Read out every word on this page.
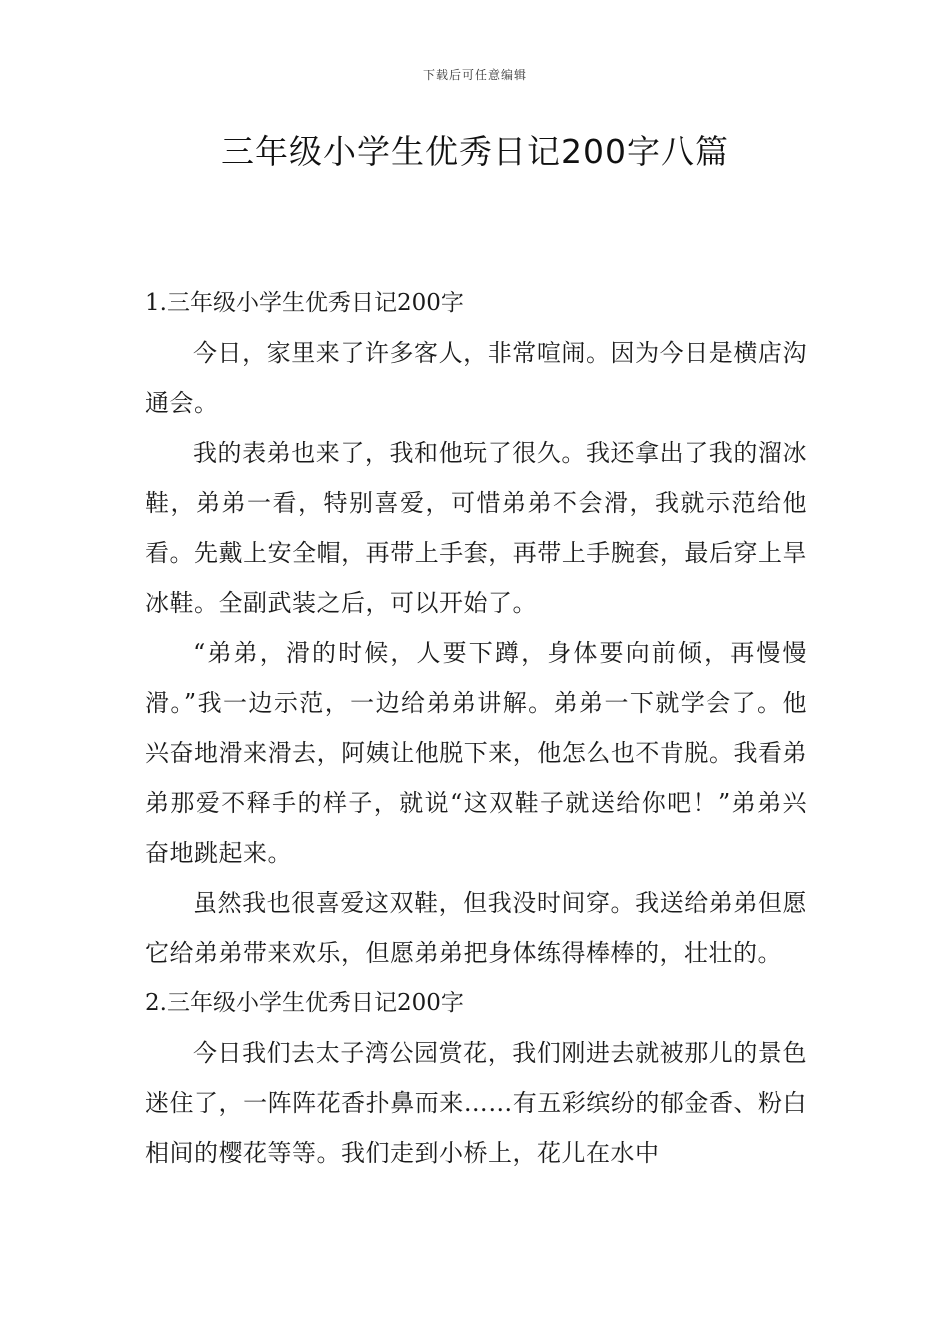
下载后可任意编辑
三年级小学生优秀日记200字八篇

1.三年级小学生优秀日记200字

今日，家里来了许多客人，非常喧闹。因为今日是横店沟通会。

我的表弟也来了，我和他玩了很久。我还拿出了我的溜冰鞋，弟弟一看，特别喜爱，可惜弟弟不会滑，我就示范给他看。先戴上安全帽，再带上手套，再带上手腕套，最后穿上旱冰鞋。全副武装之后，可以开始了。

“弟弟，滑的时候，人要下蹲，身体要向前倾，再慢慢滑。”我一边示范，一边给弟弟讲解。弟弟一下就学会了。他兴奋地滑来滑去，阿姨让他脱下来，他怎么也不肯脱。我看弟弟那爱不释手的样子，就说“这双鞋子就送给你吧！”弟弟兴奋地跳起来。

虽然我也很喜爱这双鞋，但我没时间穿。我送给弟弟但愿它给弟弟带来欢乐，但愿弟弟把身体练得棒棒的，壮壮的。

2.三年级小学生优秀日记200字

今日我们去太子湾公园赏花，我们刚进去就被那儿的景色迷住了，一阵阵花香扑鼻而来……有五彩缤纷的郁金香、粉白相间的樱花等等。我们走到小桥上，花儿在水中
